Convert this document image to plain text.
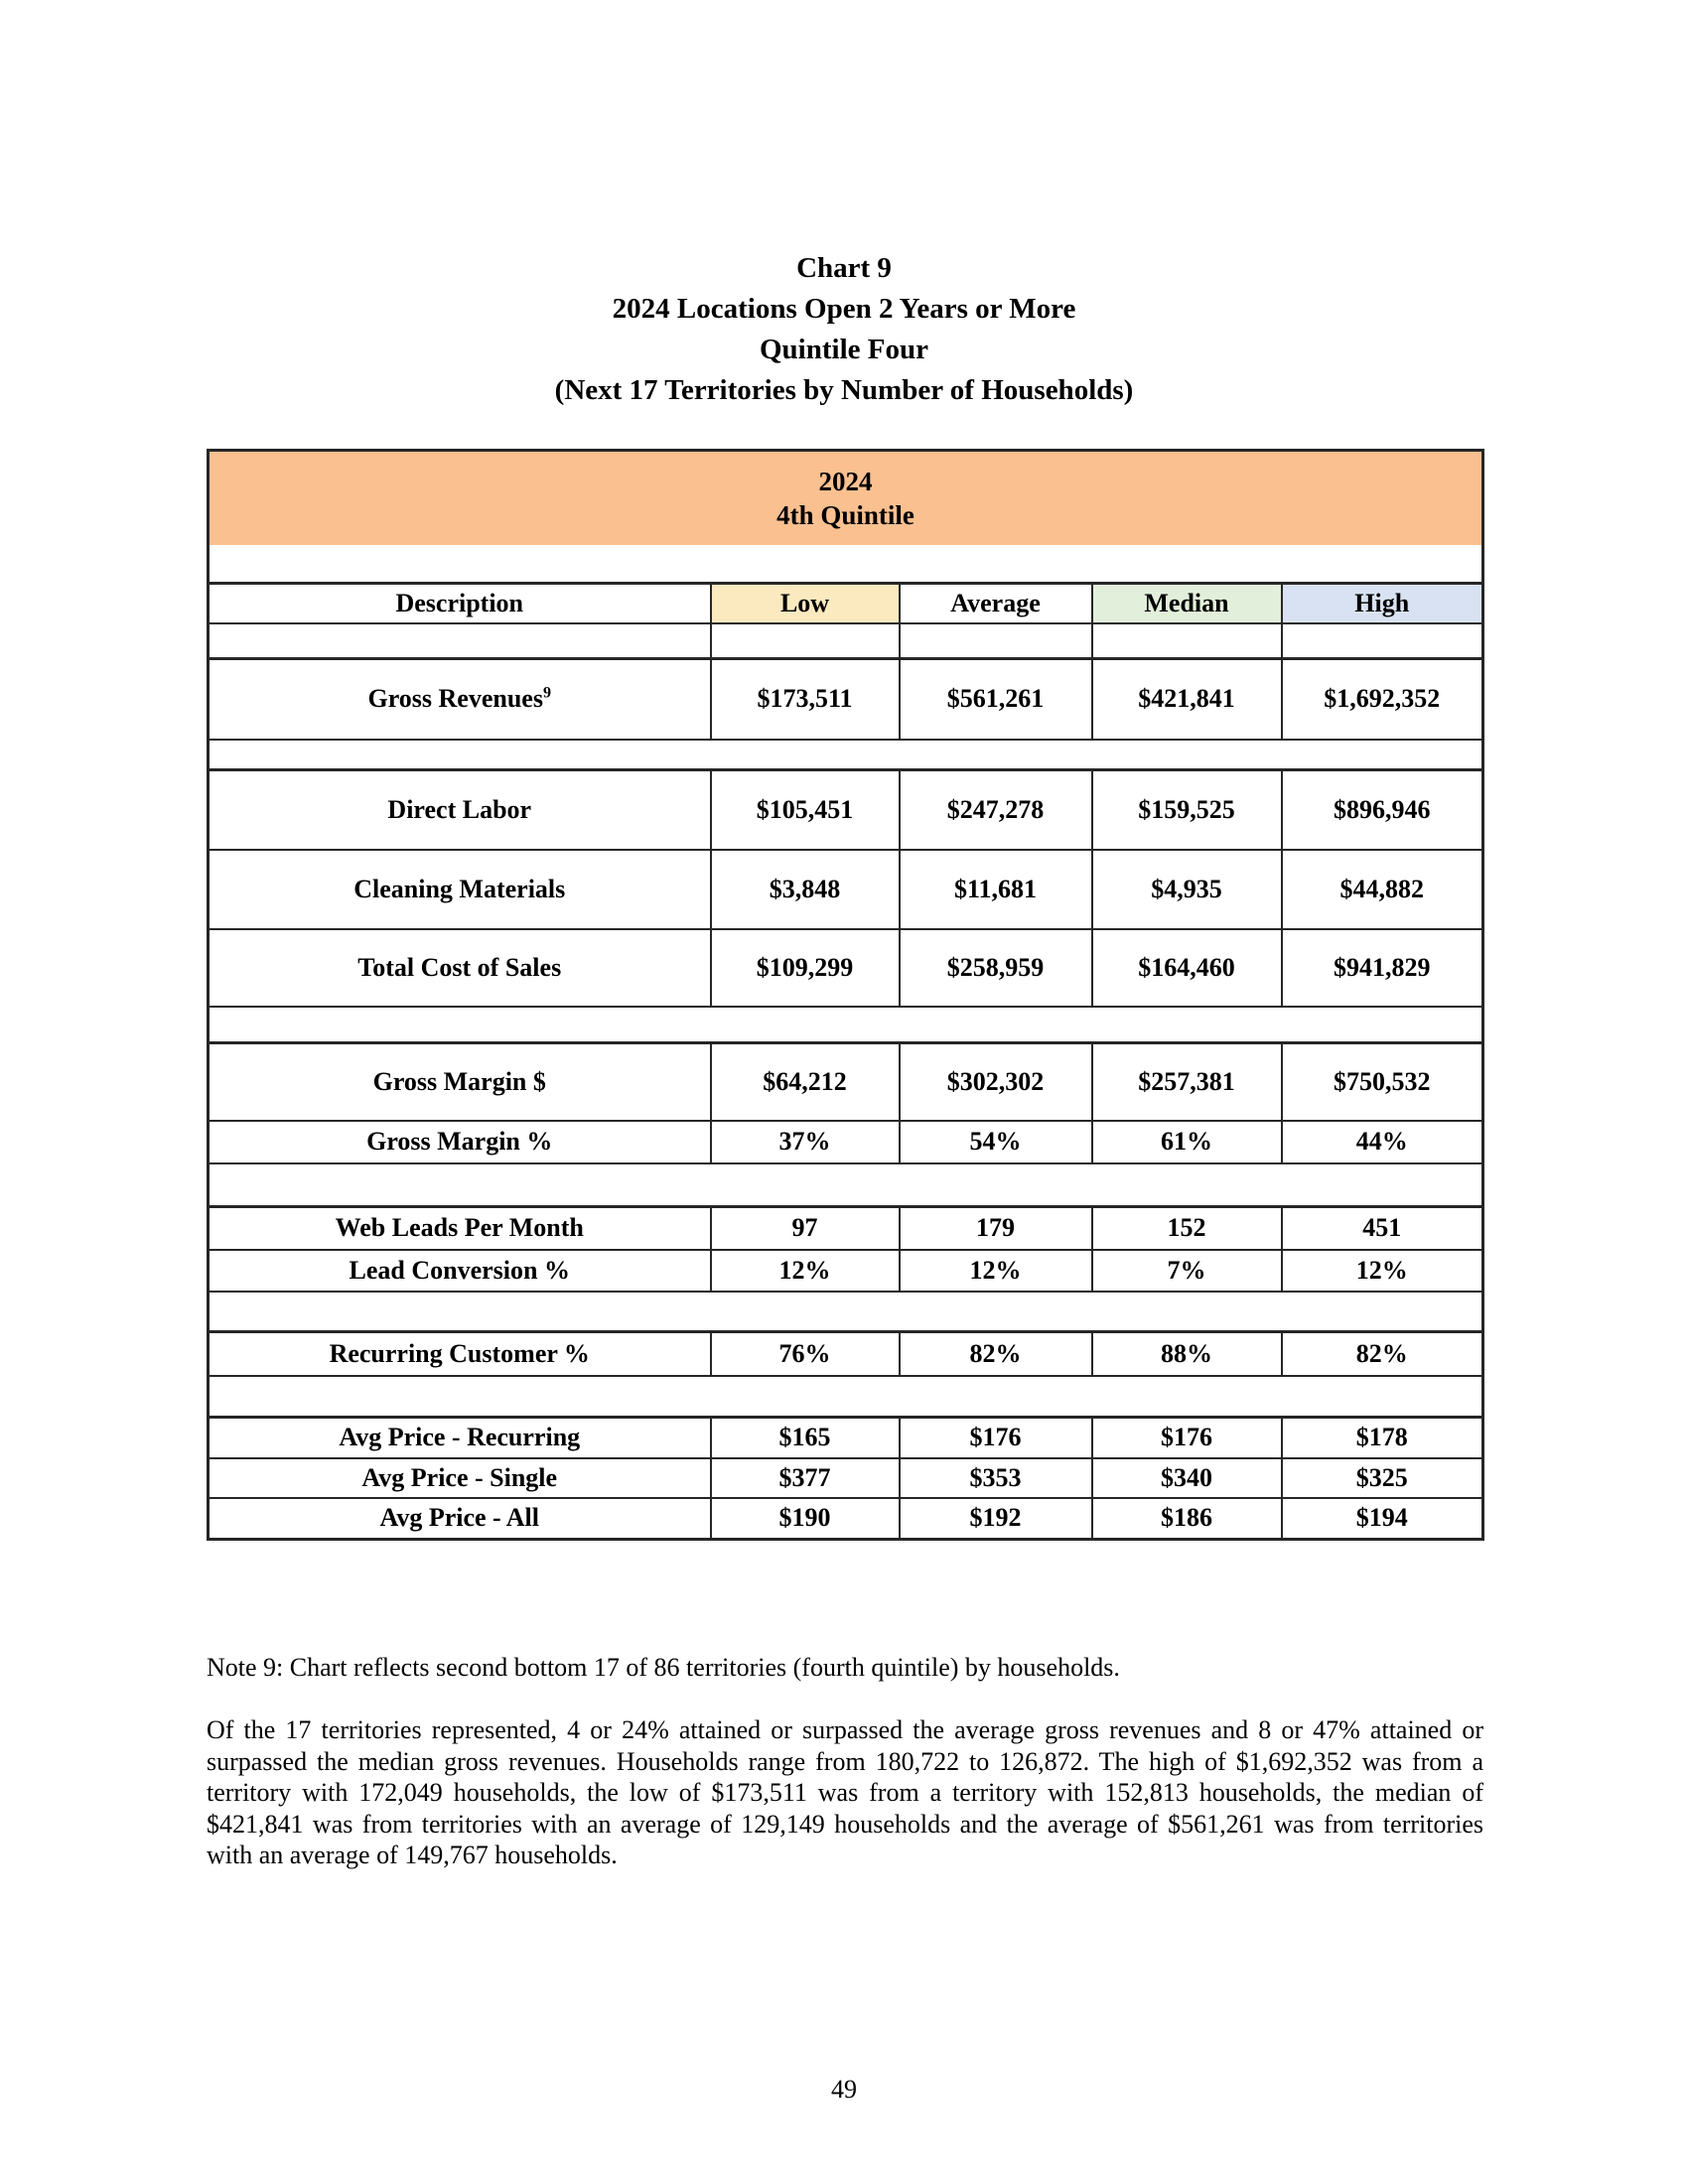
Chart 9
2024 Locations Open 2 Years or More
Quintile Four
(Next 17 Territories by Number of Households)
2024
4th Quintile				

Description	Low	Average	Median	High

Gross Revenues$^9$	$173,511	$561,261	$421,841	$1,692,352

Direct Labor	$105,451	$247,278	$159,525	$896,946
Cleaning Materials	$3,848	$11,681	$4,935	$44,882
Total Cost of Sales	$109,299	$258,959	$164,460	$941,829

Gross Margin $	$64,212	$302,302	$257,381	$750,532
Gross Margin %	37%	54%	61%	44%

Web Leads Per Month	97	179	152	451
Lead Conversion %	12%	12%	7%	12%

Recurring Customer %	76%	82%	88%	82%

Avg Price - Recurring	$165	$176	$176	$178
Avg Price - Single	$377	$353	$340	$325
Avg Price - All	$190	$192	$186	$194
Note 9: Chart reflects second bottom 17 of 86 territories (fourth quintile) by households.
Of the 17 territories represented, 4 or 24% attained or surpassed the average gross revenues and 8 or 47% attained or surpassed the median gross revenues. Households range from 180,722 to 126,872. The high of $1,692,352 was from a territory with 172,049 households, the low of $173,511 was from a territory with 152,813 households, the median of $421,841 was from territories with an average of 129,149 households and the average of $561,261 was from territories with an average of 149,767 households.
49
